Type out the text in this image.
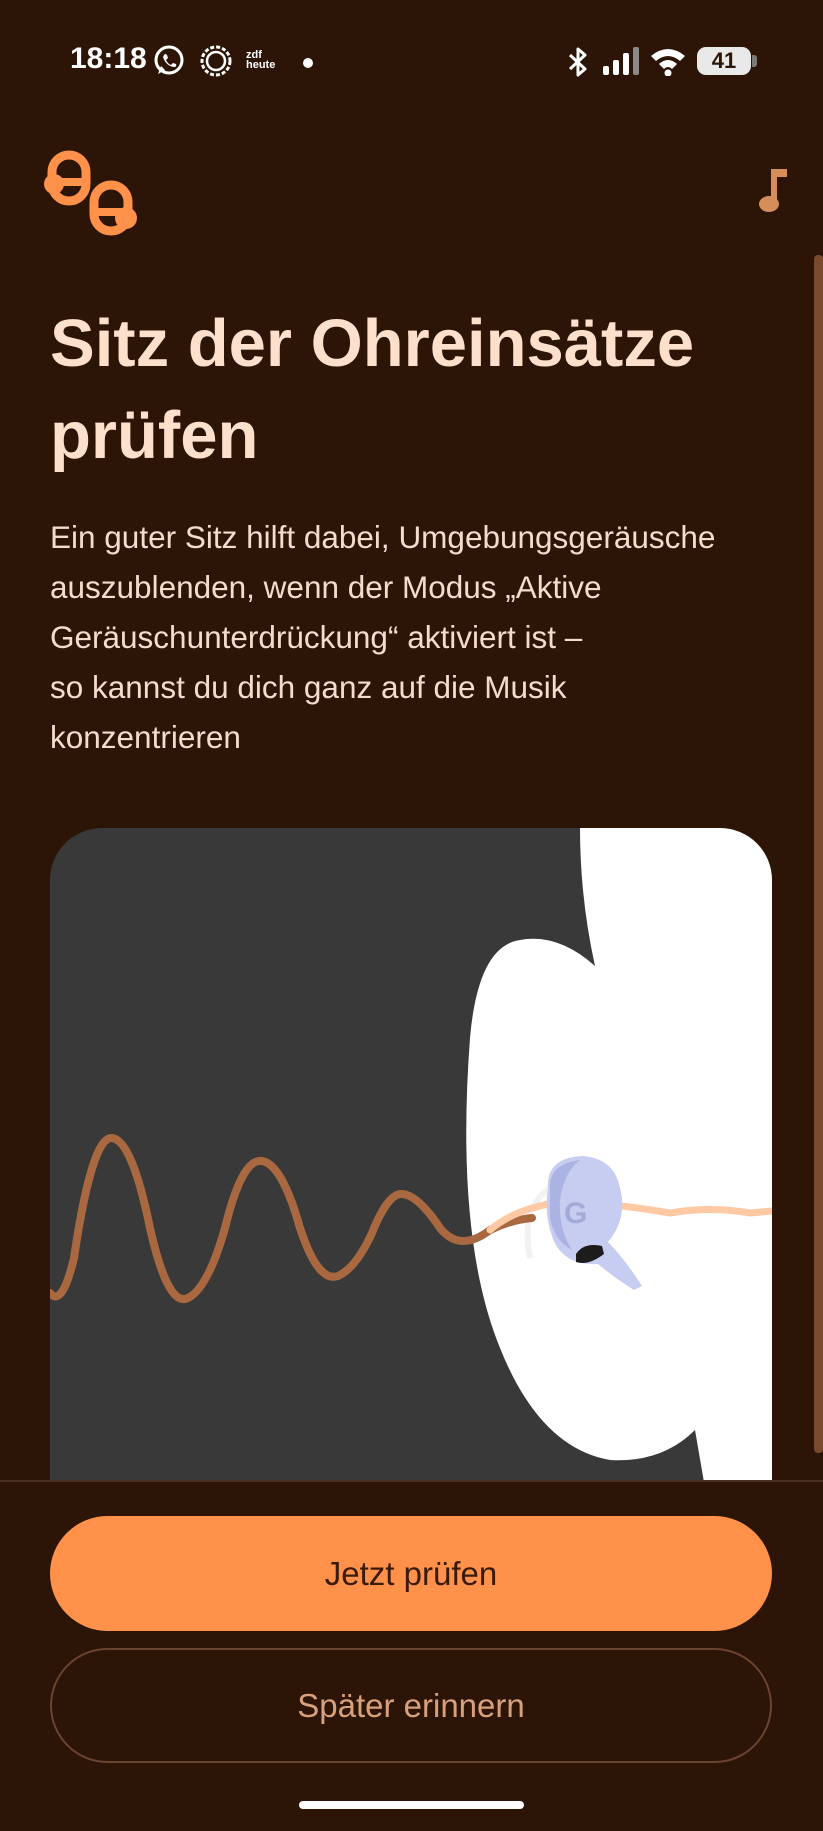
18:18	zdf heute	41
Sitz der Ohreinsätze prüfen

Ein guter Sitz hilft dabei, Umgebungsgeräusche
auszublenden, wenn der Modus „Aktive
Geräuschunterdrückung“ aktiviert ist –
so kannst du dich ganz auf die Musik
konzentrieren

G
Jetzt prüfen
Später erinnern
